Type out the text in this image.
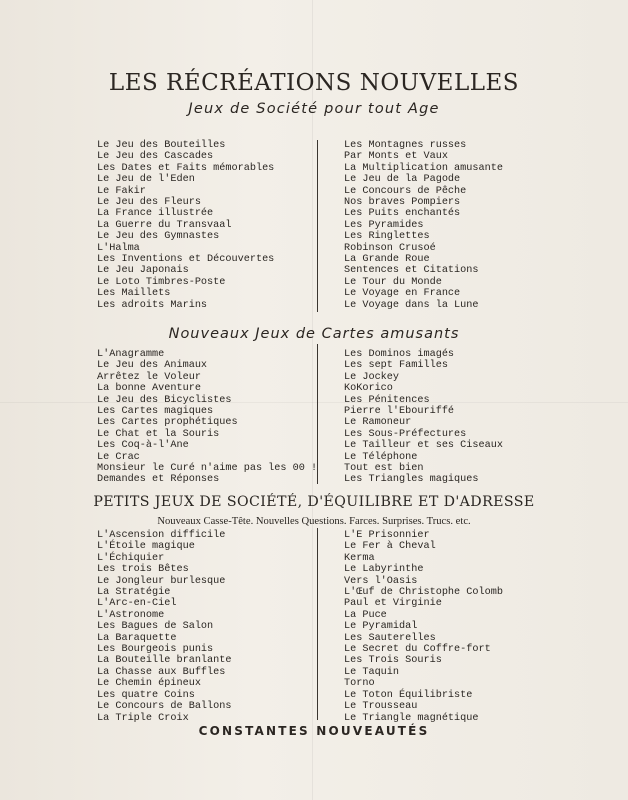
LES RÉCRÉATIONS NOUVELLES
Jeux de Société pour tout Age
Le Jeu des Bouteilles
Le Jeu des Cascades
Les Dates et Faits mémorables
Le Jeu de l'Eden
Le Fakir
Le Jeu des Fleurs
La France illustrée
La Guerre du Transvaal
Le Jeu des Gymnastes
L'Halma
Les Inventions et Découvertes
Le Jeu Japonais
Le Loto Timbres-Poste
Les Maillets
Les adroits Marins
Les Montagnes russes
Par Monts et Vaux
La Multiplication amusante
Le Jeu de la Pagode
Le Concours de Pêche
Nos braves Pompiers
Les Puits enchantés
Les Pyramides
Les Ringlettes
Robinson Crusoé
La Grande Roue
Sentences et Citations
Le Tour du Monde
Le Voyage en France
Le Voyage dans la Lune
Nouveaux Jeux de Cartes amusants
L'Anagramme
Le Jeu des Animaux
Arrêtez le Voleur
La bonne Aventure
Le Jeu des Bicyclistes
Les Cartes magiques
Les Cartes prophétiques
Le Chat et la Souris
Les Coq-à-l'Ane
Le Crac
Monsieur le Curé n'aime pas les 00 !
Demandes et Réponses
Les Dominos imagés
Les sept Familles
Le Jockey
KoKorico
Les Pénitences
Pierre l'Ebouriffé
Le Ramoneur
Les Sous-Préfectures
Le Tailleur et ses Ciseaux
Le Téléphone
Tout est bien
Les Triangles magiques
PETITS JEUX DE SOCIÉTÉ, D'ÉQUILIBRE ET D'ADRESSE
Nouveaux Casse-Tête. Nouvelles Questions. Farces. Surprises. Trucs. etc.
L'Ascension difficile
L'Étoile magique
L'Échiquier
Les trois Bêtes
Le Jongleur burlesque
La Stratégie
L'Arc-en-Ciel
L'Astronome
Les Bagues de Salon
La Baraquette
Les Bourgeois punis
La Bouteille branlante
La Chasse aux Buffles
Le Chemin épineux
Les quatre Coins
Le Concours de Ballons
La Triple Croix
L'E Prisonnier
Le Fer à Cheval
Kerma
Le Labyrinthe
Vers l'Oasis
L'Œuf de Christophe Colomb
Paul et Virginie
La Puce
Le Pyramidal
Les Sauterelles
Le Secret du Coffre-fort
Les Trois Souris
Le Taquin
Torno
Le Toton Équilibriste
Le Trousseau
Le Triangle magnétique
CONSTANTES NOUVEAUTÉS
